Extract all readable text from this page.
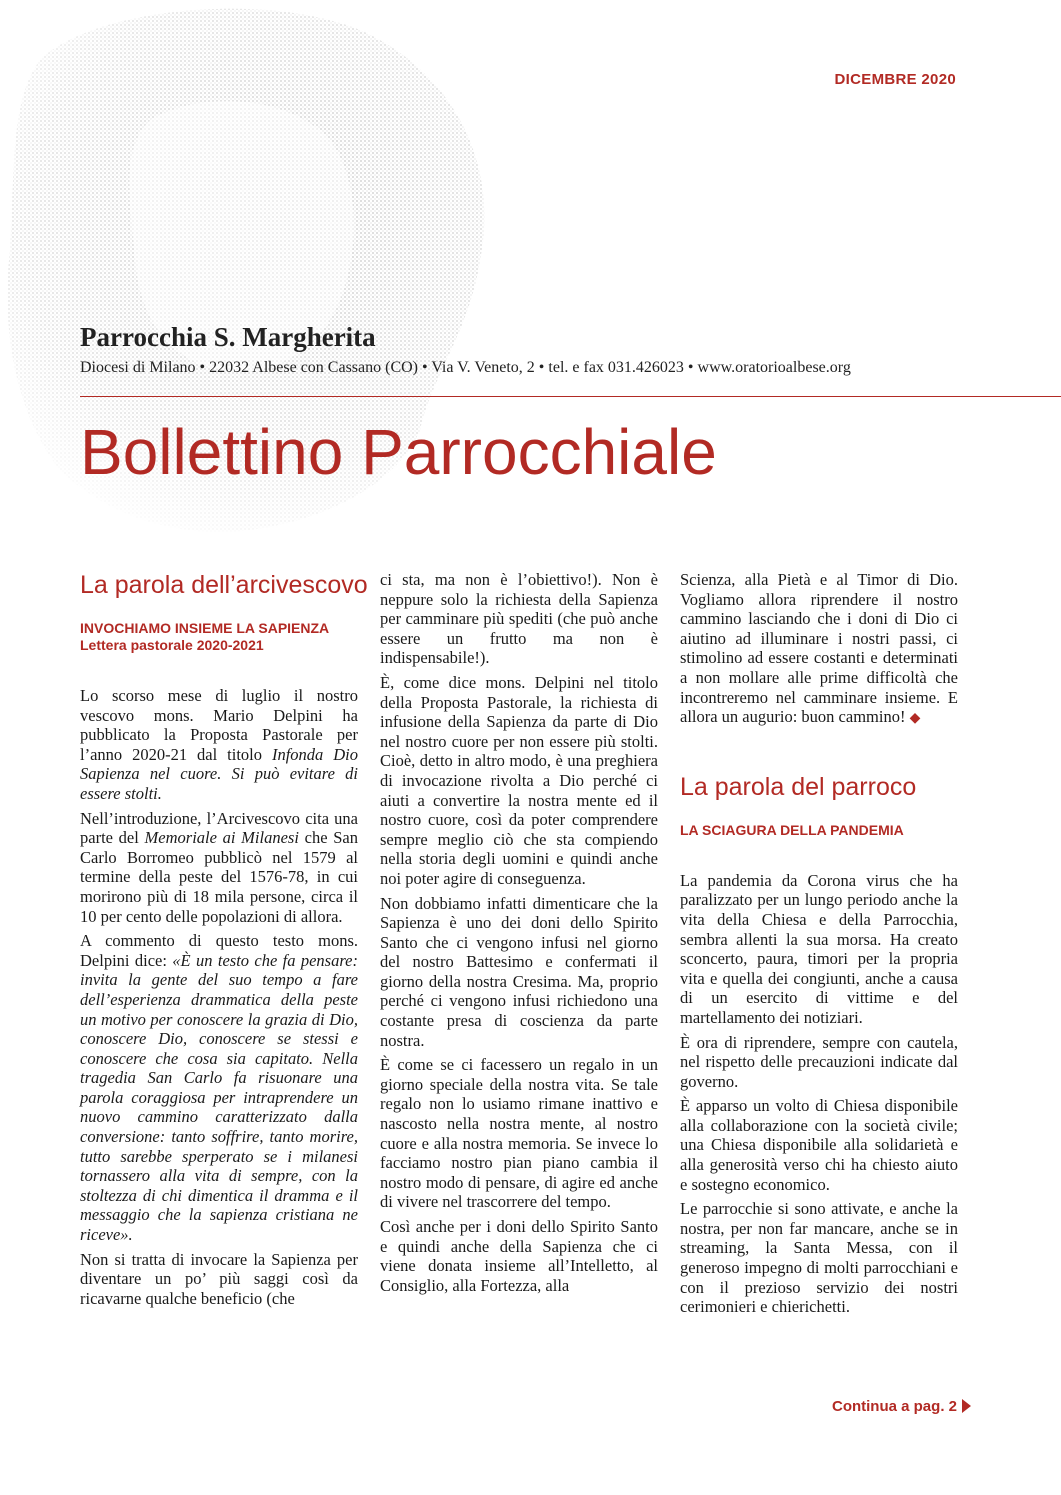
DICEMBRE 2020
Parrocchia S. Margherita
Diocesi di Milano • 22032 Albese con Cassano (CO) • Via V. Veneto, 2 • tel. e fax 031.426023 • www.oratorioalbese.org
Bollettino Parrocchiale
La parola dell’arcivescovo
INVOCHIAMO INSIEME LA SAPIENZA
Lettera pastorale 2020-2021

Lo scorso mese di luglio il nostro vescovo mons. Mario Delpini ha pubblicato la Proposta Pastorale per l’anno 2020-21 dal titolo Infonda Dio Sapienza nel cuore. Si può evitare di essere stolti.

Nell’introduzione, l’Arcivescovo cita una parte del Memoriale ai Milanesi che San Carlo Borromeo pubblicò nel 1579 al termine della peste del 1576-78, in cui morirono più di 18 mila persone, circa il 10 per cento delle popolazioni di allora.

A commento di questo testo mons. Delpini dice: «È un testo che fa pensare: invita la gente del suo tempo a fare dell’esperienza drammatica della peste un motivo per conoscere la grazia di Dio, conoscere Dio, conoscere se stessi e conoscere che cosa sia capitato. Nella tragedia San Carlo fa risuonare una parola coraggiosa per intraprendere un nuovo cammino caratterizzato dalla conversione: tanto soffrire, tanto morire, tutto sarebbe sperperato se i milanesi tornassero alla vita di sempre, con la stoltezza di chi dimentica il dramma e il messaggio che la sapienza cristiana ne riceve».

Non si tratta di invocare la Sapienza per diventare un po’ più saggi così da ricavarne qualche beneficio (che

ci sta, ma non è l’obiettivo!). Non è neppure solo la richiesta della Sapienza per camminare più spediti (che può anche essere un frutto ma non è indispensabile!).

È, come dice mons. Delpini nel titolo della Proposta Pastorale, la richiesta di infusione della Sapienza da parte di Dio nel nostro cuore per non essere più stolti. Cioè, detto in altro modo, è una preghiera di invocazione rivolta a Dio perché ci aiuti a convertire la nostra mente ed il nostro cuore, così da poter comprendere sempre meglio ciò che sta compiendo nella storia degli uomini e quindi anche noi poter agire di conseguenza.

Non dobbiamo infatti dimenticare che la Sapienza è uno dei doni dello Spirito Santo che ci vengono infusi nel giorno del nostro Battesimo e confermati il giorno della nostra Cresima. Ma, proprio perché ci vengono infusi richiedono una costante presa di coscienza da parte nostra.

È come se ci facessero un regalo in un giorno speciale della nostra vita. Se tale regalo non lo usiamo rimane inattivo e nascosto nella nostra mente, al nostro cuore e alla nostra memoria. Se invece lo facciamo nostro pian piano cambia il nostro modo di pensare, di agire ed anche di vivere nel trascorrere del tempo.

Così anche per i doni dello Spirito Santo e quindi anche della Sapienza che ci viene donata insieme all’Intelletto, al Consiglio, alla Fortezza, alla

Scienza, alla Pietà e al Timor di Dio. Vogliamo allora riprendere il nostro cammino lasciando che i doni di Dio ci aiutino ad illuminare i nostri passi, ci stimolino ad essere costanti e determinati a non mollare alle prime difficoltà che incontreremo nel camminare insieme. E allora un augurio: buon cammino! ◆

La parola del parroco
LA SCIAGURA DELLA PANDEMIA

La pandemia da Corona virus che ha paralizzato per un lungo periodo anche la vita della Chiesa e della Parrocchia, sembra allenti la sua morsa. Ha creato sconcerto, paura, timori per la propria vita e quella dei congiunti, anche a causa di un esercito di vittime e del martellamento dei notiziari.

È ora di riprendere, sempre con cautela, nel rispetto delle precauzioni indicate dal governo.

È apparso un volto di Chiesa disponibile alla collaborazione con la società civile; una Chiesa disponibile alla solidarietà e alla generosità verso chi ha chiesto aiuto e sostegno economico.

Le parrocchie si sono attivate, e anche la nostra, per non far mancare, anche se in streaming, la Santa Messa, con il generoso impegno di molti parrocchiani e con il prezioso servizio dei nostri cerimonieri e chierichetti.

Continua a pag. 2
